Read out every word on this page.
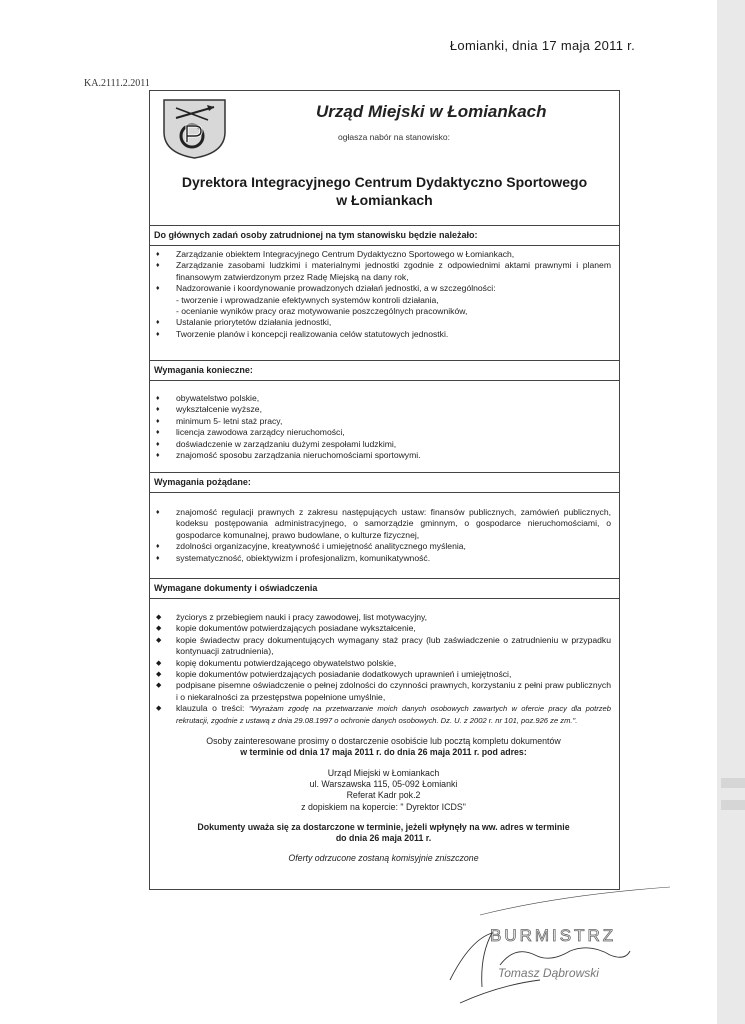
Łomianki, dnia 17 maja 2011 r.
KA.2111.2.2011
Urząd Miejski w Łomiankach
ogłasza nabór na stanowisko:
Dyrektora Integracyjnego Centrum Dydaktyczno Sportowego
w Łomiankach
Do głównych zadań osoby zatrudnionej na tym stanowisku będzie należało:
♦ Zarządzanie obiektem Integracyjnego Centrum Dydaktyczno Sportowego w Łomiankach,
♦ Zarządzanie zasobami ludzkimi i materialnymi jednostki zgodnie z odpowiednimi aktami prawnymi i planem finansowym zatwierdzonym przez Radę Miejską na dany rok,
♦ Nadzorowanie i koordynowanie prowadzonych działań jednostki, a w szczególności:
- tworzenie i wprowadzanie efektywnych systemów kontroli działania,
- ocenianie wyników pracy oraz motywowanie poszczególnych pracowników,
♦ Ustalanie priorytetów działania jednostki,
♦ Tworzenie planów i koncepcji realizowania celów statutowych jednostki.
Wymagania konieczne:
♦ obywatelstwo polskie,
♦ wykształcenie wyższe,
♦ minimum 5- letni staż pracy,
♦ licencja zawodowa zarządcy nieruchomości,
♦ doświadczenie w zarządzaniu dużymi zespołami ludzkimi,
♦ znajomość sposobu zarządzania nieruchomościami sportowymi.
Wymagania pożądane:
♦ znajomość regulacji prawnych z zakresu następujących ustaw: finansów publicznych, zamówień publicznych, kodeksu postępowania administracyjnego, o samorządzie gminnym, o gospodarce nieruchomościami, o gospodarce komunalnej, prawo budowlane, o kulturze fizycznej,
♦ zdolności organizacyjne, kreatywność i umiejętność analitycznego myślenia,
♦ systematyczność, obiektywizm i profesjonalizm, komunikatywność.
Wymagane dokumenty i oświadczenia
◆ życiorys z przebiegiem nauki i pracy zawodowej, list motywacyjny,
◆ kopie dokumentów potwierdzających posiadane wykształcenie,
◆ kopie świadectw pracy dokumentujących wymagany staż pracy (lub zaświadczenie o zatrudnieniu w przypadku kontynuacji zatrudnienia),
◆ kopię dokumentu potwierdzającego obywatelstwo polskie,
◆ kopie dokumentów potwierdzających posiadanie dodatkowych uprawnień i umiejętności,
◆ podpisane pisemne oświadczenie o pełnej zdolności do czynności prawnych, korzystaniu z pełni praw publicznych i o niekaralności za przestępstwa popełnione umyślnie,
◆ klauzula o treści: "Wyrażam zgodę na przetwarzanie moich danych osobowych zawartych w ofercie pracy dla potrzeb rekrutacji, zgodnie z ustawą z dnia 29.08.1997 o ochronie danych osobowych. Dz. U. z 2002 r. nr 101, poz.926 ze zm.".

Osoby zainteresowane prosimy o dostarczenie osobiście lub pocztą kompletu dokumentów

w terminie od dnia 17 maja 2011 r. do dnia 26 maja 2011 r. pod adres:

Urząd Miejski w Łomiankach

ul. Warszawska 115, 05-092 Łomianki

Referat Kadr pok.2

z dopiskiem na kopercie: " Dyrektor ICDS"

Dokumenty uważa się za dostarczone w terminie, jeżeli wpłynęły na ww. adres w terminie

do dnia 26 maja 2011 r.

Oferty odrzucone zostaną komisyjnie zniszczone

BURMISTRZ
Tomasz Dąbrowski
